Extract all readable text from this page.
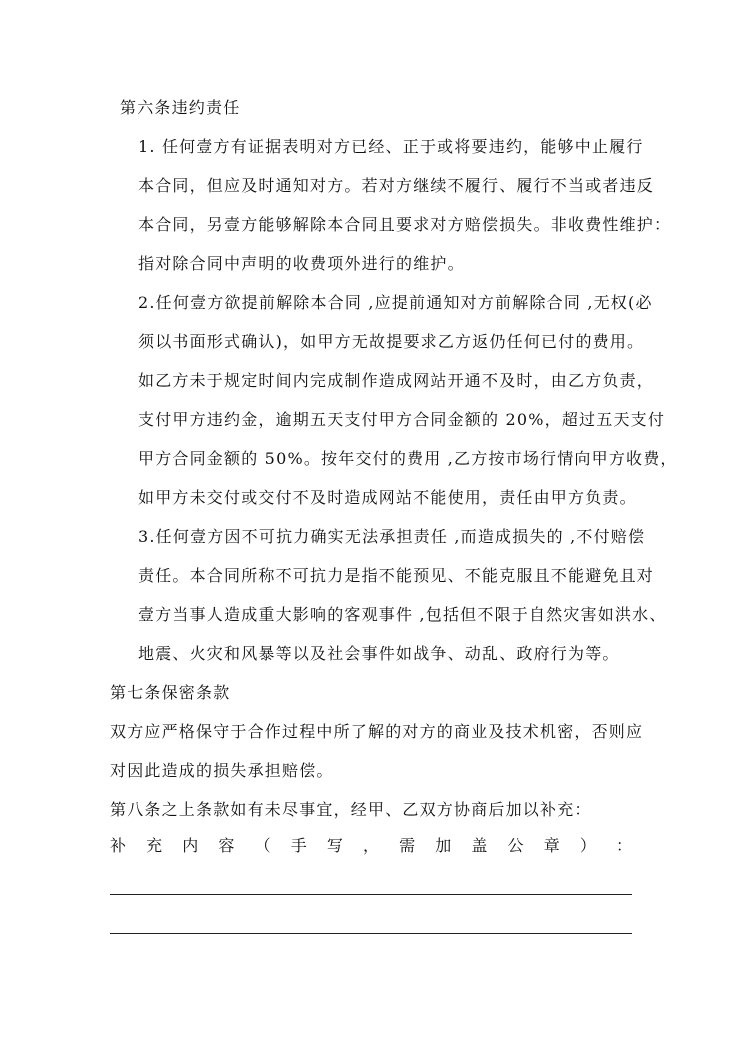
第六条违约责任
1. 任何壹方有证据表明对方已经、正于或将要违约，能够中止履行
本合同，但应及时通知对方。若对方继续不履行、履行不当或者违反
本合同，另壹方能够解除本合同且要求对方赔偿损失。非收费性维护：
指对除合同中声明的收费项外进行的维护。
2.任何壹方欲提前解除本合同 ,应提前通知对方前解除合同 ,无权(必
须以书面形式确认)，如甲方无故提要求乙方返仍任何已付的费用。
如乙方未于规定时间内完成制作造成网站开通不及时，由乙方负责，
支付甲方违约金，逾期五天支付甲方合同金额的 20%，超过五天支付
甲方合同金额的 50%。按年交付的费用 ,乙方按市场行情向甲方收费，
如甲方未交付或交付不及时造成网站不能使用，责任由甲方负责。
3.任何壹方因不可抗力确实无法承担责任 ,而造成损失的 ,不付赔偿
责任。本合同所称不可抗力是指不能预见、不能克服且不能避免且对
壹方当事人造成重大影响的客观事件 ,包括但不限于自然灾害如洪水、
地震、火灾和风暴等以及社会事件如战争、动乱、政府行为等。
第七条保密条款
双方应严格保守于合作过程中所了解的对方的商业及技术机密，否则应
对因此造成的损失承担赔偿。
第八条之上条款如有未尽事宜，经甲、乙双方协商后加以补充：
补 充 内 容 （ 手 写 ， 需 加 盖 公 章 ） ：
